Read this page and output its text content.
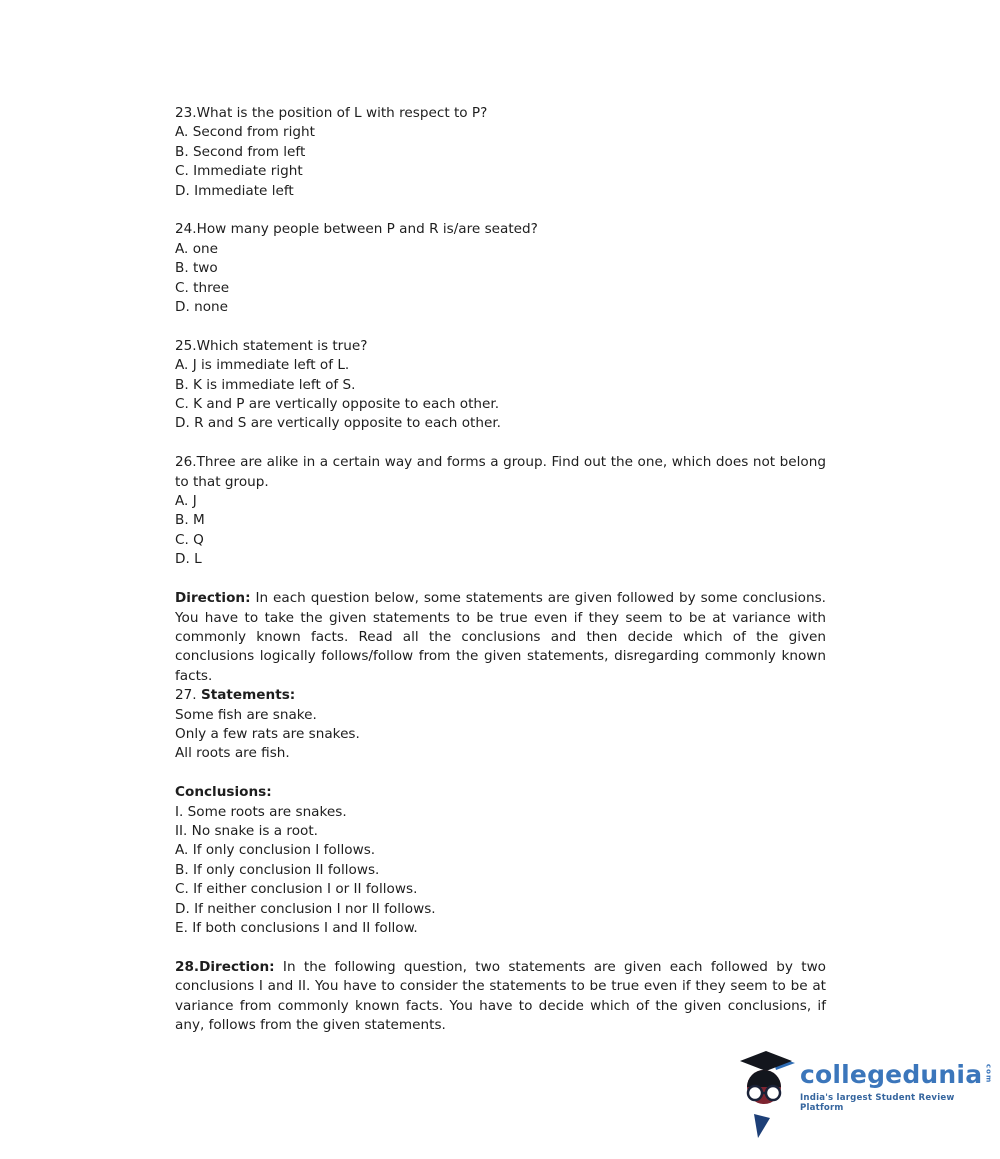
23.What is the position of L with respect to P?

A. Second from right

B. Second from left

C. Immediate right

D. Immediate left

24.How many people between P and R is/are seated?

A. one

B. two

C. three

D. none

25.Which statement is true?

A. J is immediate left of L.

B. K is immediate left of S.

C. K and P are vertically opposite to each other.

D. R and S are vertically opposite to each other.

26.Three are alike in a certain way and forms a group. Find out the one, which does not belong to that group.

A. J

B. M

C. Q

D. L

Direction: In each question below, some statements are given followed by some conclusions. You have to take the given statements to be true even if they seem to be at variance with commonly known facts. Read all the conclusions and then decide which of the given conclusions logically follows/follow from the given statements, disregarding commonly known facts.

27. Statements:

Some fish are snake.

Only a few rats are snakes.

All roots are fish.

Conclusions:

I. Some roots are snakes.

II. No snake is a root.

A. If only conclusion I follows.

B. If only conclusion II follows.

C. If either conclusion I or II follows.

D. If neither conclusion I nor II follows.

E. If both conclusions I and II follow.

28.Direction: In the following question, two statements are given each followed by two conclusions I and II. You have to consider the statements to be true even if they seem to be at variance from commonly known facts. You have to decide which of the given conclusions, if any, follows from the given statements.

collegedunia com
India's largest Student Review Platform
